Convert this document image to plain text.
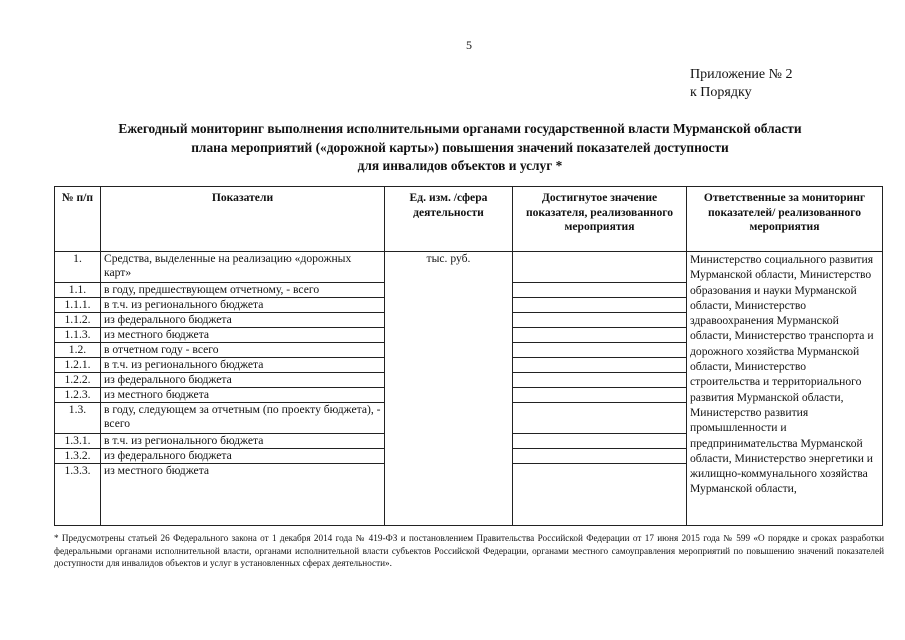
5
Приложение № 2
к Порядку
Ежегодный мониторинг выполнения исполнительными органами государственной власти Мурманской области
плана мероприятий («дорожной карты») повышения значений показателей доступности
для инвалидов объектов и услуг *
№ п/п	Показатели	Ед. изм. /сфера деятельности	Достигнутое значение показателя, реализованного мероприятия	Ответственные за мониторинг показателей/ реализованного мероприятия
1.	Средства, выделенные на реализацию «дорожных карт»	тыс. руб.		Министерство социального развития Мурманской области, Министерство образования и науки Мурманской области, Министерство здравоохранения Мурманской области, Министерство транспорта и дорожного хозяйства Мурманской области, Министерство строительства и территориального развития Мурманской области, Министерство развития промышленности и предпринимательства Мурманской области, Министерство энергетики и жилищно-коммунального хозяйства Мурманской области,
1.1.	в году, предшествующем отчетному, - всего			
1.1.1.	в т.ч. из регионального бюджета			
1.1.2.	из федерального бюджета			
1.1.3.	из местного бюджета			
1.2.	в отчетном году - всего			
1.2.1.	в т.ч. из регионального бюджета			
1.2.2.	из федерального бюджета			
1.2.3.	из местного бюджета			
1.3.	в году, следующем за отчетным (по проекту бюджета), - всего			
1.3.1.	в т.ч. из регионального бюджета			
1.3.2.	из федерального бюджета			
1.3.3.	из местного бюджета			
* Предусмотрены статьей 26 Федерального закона от 1 декабря 2014 года № 419-ФЗ и постановлением Правительства Российской Федерации от 17 июня 2015 года № 599 «О порядке и сроках разработки федеральными органами исполнительной власти, органами исполнительной власти субъектов Российской Федерации, органами местного самоуправления мероприятий по повышению значений показателей доступности для инвалидов объектов и услуг в установленных сферах деятельности».
